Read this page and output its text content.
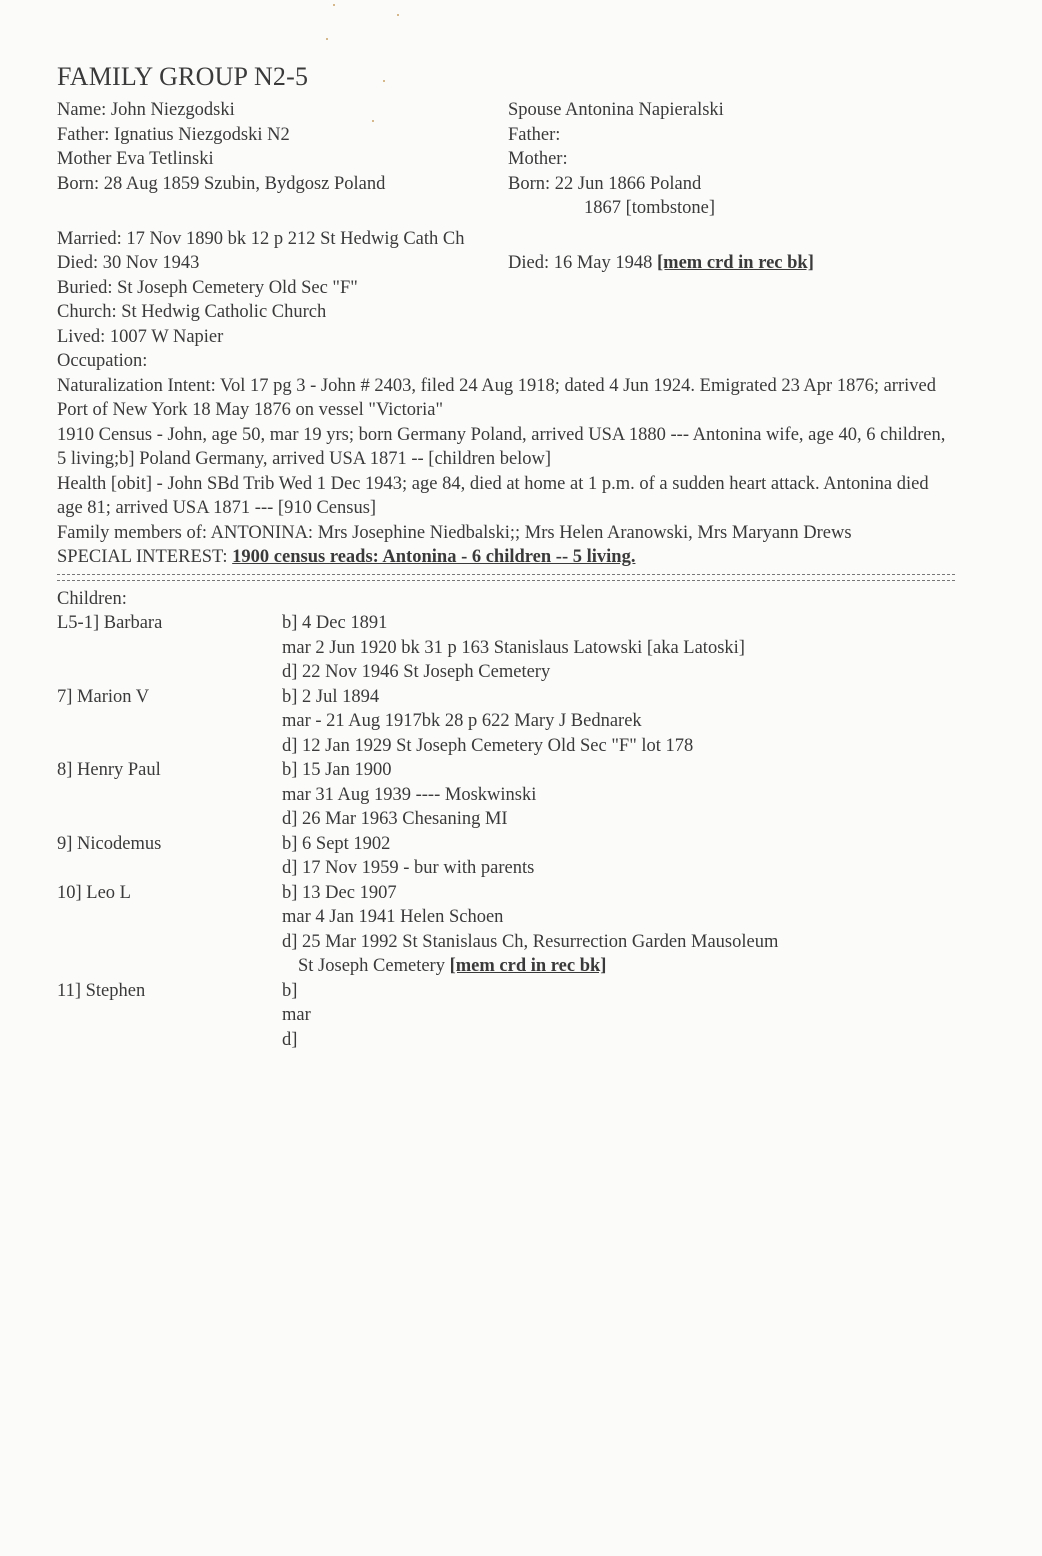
FAMILY GROUP N2-5
Name: John Niezgodski	Spouse Antonina Napieralski
Father: Ignatius Niezgodski N2	Father:
Mother Eva Tetlinski	Mother:
Born: 28 Aug 1859 Szubin, Bydgosz Poland	Born: 22 Jun 1866 Poland
1867 [tombstone]
Married: 17 Nov 1890 bk 12 p 212 St Hedwig Cath Ch
Died: 30 Nov 1943	Died: 16 May 1948 [mem crd in rec bk]
Buried: St Joseph Cemetery Old Sec "F"
Church: St Hedwig Catholic Church
Lived: 1007 W Napier
Occupation:
Naturalization Intent: Vol 17 pg 3 - John # 2403, filed 24 Aug 1918; dated 4 Jun 1924. Emigrated 23 Apr 1876; arrived Port of New York 18 May 1876 on vessel "Victoria"
1910 Census - John, age 50, mar 19 yrs; born Germany Poland, arrived USA 1880 --- Antonina wife, age 40, 6 children, 5 living;b] Poland Germany, arrived USA 1871 -- [children below]
Health [obit] - John SBd Trib Wed 1 Dec 1943; age 84, died at home at 1 p.m. of a sudden heart attack. Antonina died age 81; arrived USA 1871 --- [910 Census]
Family members of: ANTONINA: Mrs Josephine Niedbalski;; Mrs Helen Aranowski, Mrs Maryann Drews
SPECIAL INTEREST: 1900 census reads: Antonina - 6 children -- 5 living.
Children:
L5-1] Barbara	b] 4 Dec 1891
mar 2 Jun 1920 bk 31 p 163 Stanislaus Latowski [aka Latoski]
d] 22 Nov 1946 St Joseph Cemetery
7] Marion V	b] 2 Jul 1894
mar - 21 Aug 1917bk 28 p 622 Mary J Bednarek
d] 12 Jan 1929 St Joseph Cemetery Old Sec "F" lot 178
8] Henry Paul	b] 15 Jan 1900
mar 31 Aug 1939 ---- Moskwinski
d] 26 Mar 1963 Chesaning MI
9] Nicodemus	b] 6 Sept 1902
d] 17 Nov 1959 - bur with parents
10] Leo L	b] 13 Dec 1907
mar 4 Jan 1941 Helen Schoen
d] 25 Mar 1992 St Stanislaus Ch, Resurrection Garden Mausoleum
St Joseph Cemetery [mem crd in rec bk]
11] Stephen	b]
mar
d]
